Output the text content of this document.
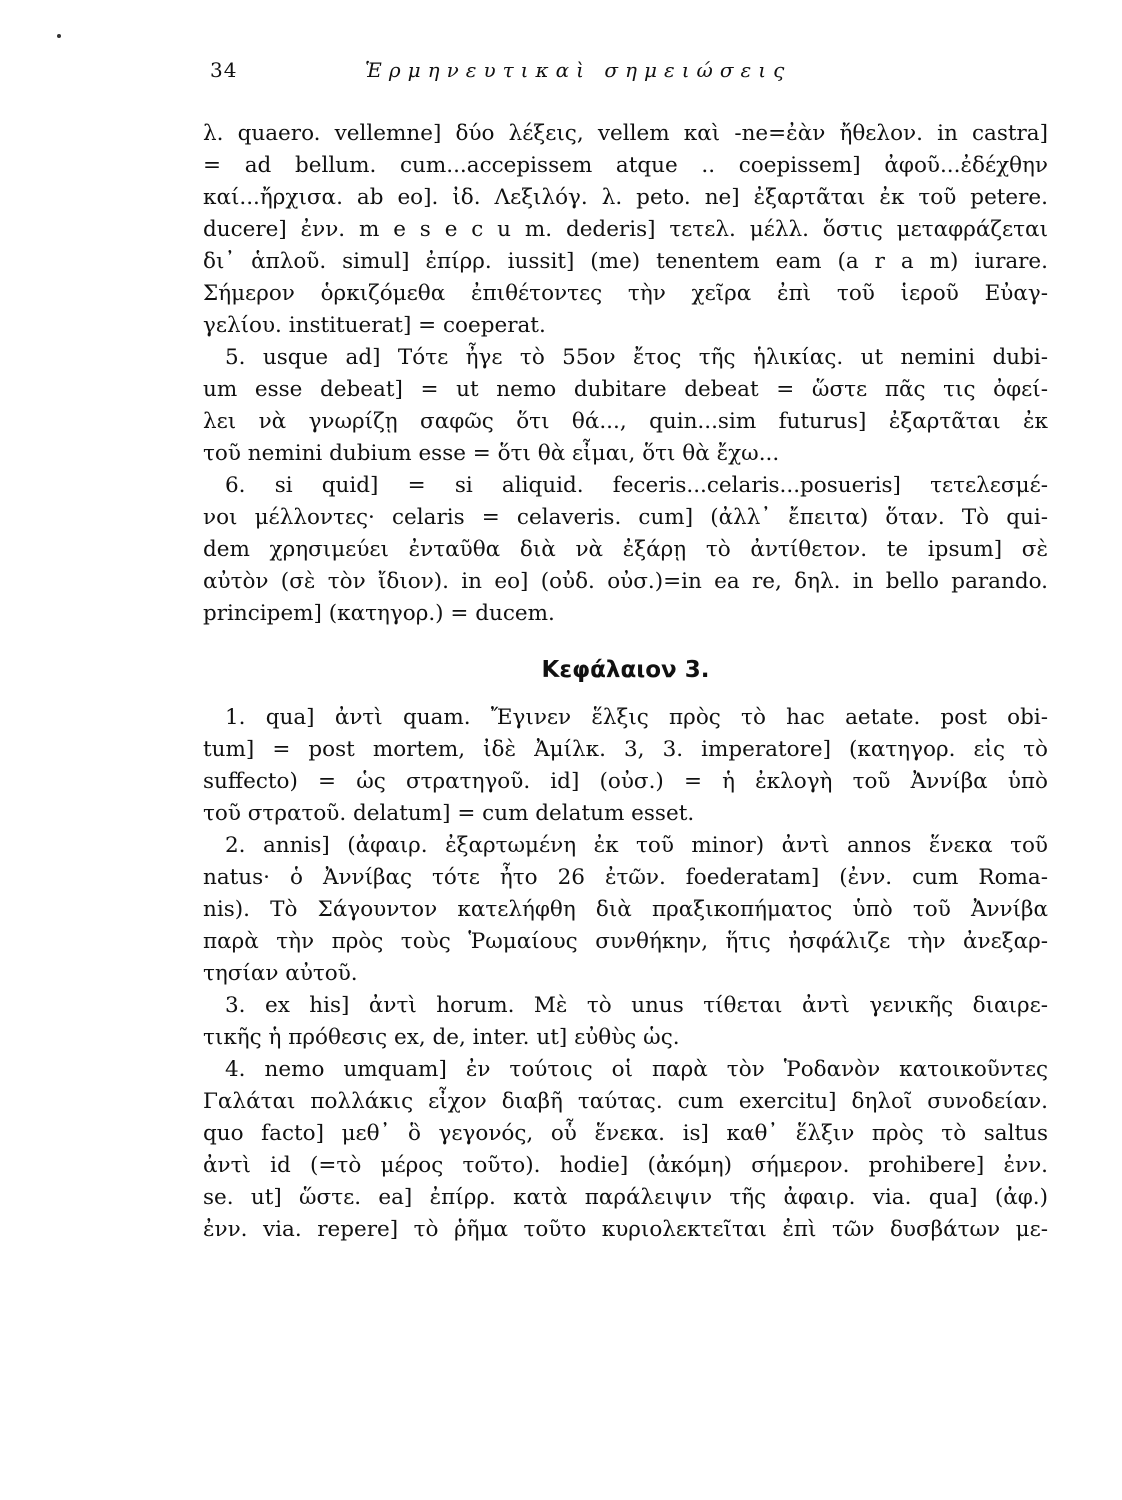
34	Ἑρμηνευτικαὶ σημειώσεις
λ. quaero. vellemne] δύο λέξεις, vellem καὶ -ne=ἐὰν ἤθελον. in castra]
= ad bellum. cum...accepissem atque .. coepissem] ἀφοῦ...ἐδέχθην
καί...ἤρχισα. ab eo]. ἰδ. Λεξιλόγ. λ. peto. ne] ἐξαρτᾶται ἐκ τοῦ petere.
ducere] ἐνν. m e s e c u m. dederis] τετελ. μέλλ. ὅστις μεταφράζεται
δι᾽ ἁπλοῦ. simul] ἐπίρρ. iussit] (me) tenentem eam (a r a m) iurare.
Σήμερον ὁρκιζόμεθα ἐπιθέτοντες τὴν χεῖρα ἐπὶ τοῦ ἱεροῦ Εὐαγ-
γελίου. instituerat] = coeperat.
5. usque ad] Τότε ἦγε τὸ 55ον ἔτος τῆς ἡλικίας. ut nemini dubi-
um esse debeat] = ut nemo dubitare debeat = ὥστε πᾶς τις ὀφεί-
λει νὰ γνωρίζῃ σαφῶς ὅτι θά..., quin...sim futurus] ἐξαρτᾶται ἐκ
τοῦ nemini dubium esse = ὅτι θὰ εἶμαι, ὅτι θὰ ἔχω...
6. si quid] = si aliquid. feceris...celaris...posueris] τετελεσμέ-
νοι μέλλοντες· celaris = celaveris. cum] (ἀλλ᾽ ἔπειτα) ὅταν. Τὸ qui-
dem χρησιμεύει ἐνταῦθα διὰ νὰ ἐξάρῃ τὸ ἀντίθετον. te ipsum] σὲ
αὐτὸν (σὲ τὸν ἴδιον). in eo] (οὐδ. οὐσ.)=in ea re, δηλ. in bello parando.
principem] (κατηγορ.) = ducem.
Κεφάλαιον 3.
1. qua] ἀντὶ quam. Ἔγινεν ἕλξις πρὸς τὸ hac aetate. post obi-
tum] = post mortem, ἰδὲ Ἀμίλκ. 3, 3. imperatore] (κατηγορ. εἰς τὸ
suffecto) = ὡς στρατηγοῦ. id] (οὐσ.) = ἡ ἐκλογὴ τοῦ Ἀννίβα ὑπὸ
τοῦ στρατοῦ. delatum] = cum delatum esset.
2. annis] (ἀφαιρ. ἐξαρτωμένη ἐκ τοῦ minor) ἀντὶ annos ἕνεκα τοῦ
natus· ὁ Ἀννίβας τότε ἦτο 26 ἐτῶν. foederatam] (ἐνν. cum Roma-
nis). Τὸ Σάγουντον κατελήφθη διὰ πραξικοπήματος ὑπὸ τοῦ Ἀννίβα
παρὰ τὴν πρὸς τοὺς Ῥωμαίους συνθήκην, ἥτις ἠσφάλιζε τὴν ἀνεξαρ-
τησίαν αὐτοῦ.
3. ex his] ἀντὶ horum. Μὲ τὸ unus τίθεται ἀντὶ γενικῆς διαιρε-
τικῆς ἡ πρόθεσις ex, de, inter. ut] εὐθὺς ὡς.
4. nemo umquam] ἐν τούτοις οἱ παρὰ τὸν Ῥοδανὸν κατοικοῦντες
Γαλάται πολλάκις εἶχον διαβῆ ταύτας. cum exercitu] δηλοῖ συνοδείαν.
quo facto] μεθ᾽ ὃ γεγονός, οὗ ἕνεκα. is] καθ᾽ ἕλξιν πρὸς τὸ saltus
ἀντὶ id (=τὸ μέρος τοῦτο). hodie] (ἀκόμη) σήμερον. prohibere] ἐνν.
se. ut] ὥστε. ea] ἐπίρρ. κατὰ παράλειψιν τῆς ἀφαιρ. via. qua] (ἀφ.)
ἐνν. via. repere] τὸ ῥῆμα τοῦτο κυριολεκτεῖται ἐπὶ τῶν δυσβάτων με-
